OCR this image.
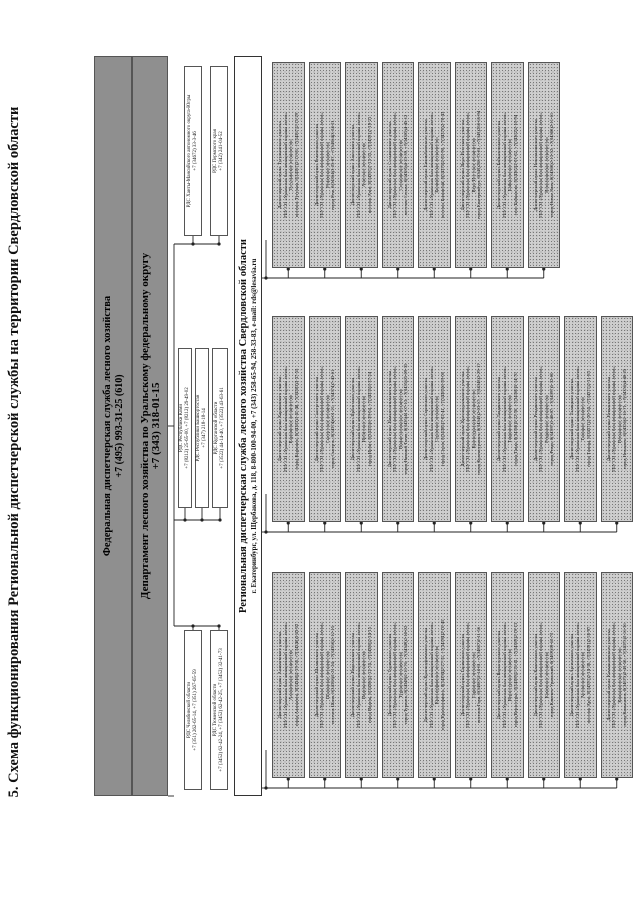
5. Схема функционирования Региональной диспетчерской службы на территории Свердловской области	Федеральная диспетчерская служба лесного хозяйства +7 (495) 993-31-25 (610) Департамент лесного хозяйства по Уральскому федеральному округу +7 (343) 318-01-15
РДС Челябинской области +7 (351) 262-65-14, +7 (351) 267-65-59	РДС Тюменской области +7 (3452) 62-42-24, +7 (3452) 62-42-25, +7 (3452) 32-41-73
РДС Республики Коми +7 (8212) 25-65-00, +7 (8212) 29-49-02 РДС Республики Башкортостан +7 (347) 218-18-14 РДС Курганской области +7 (3522) 44-14-40, +7 (3522) 43-63-61
РДС Ханты-Мансийского автономного округа-Югры +7 (34672) 33-3-46	РДС Пермского края +7 (342) 241-04-52
Региональная диспетчерская служба лесного хозяйства Свердловской области г. Екатеринбург, ул. Щербакова, д. 118, 8-800-100-94-00, +7 (343) 258-65-94, 258-33-83, e-mail: rds@lesavia.ru
Диспетчерский пункт Алапаевского участка ГБУ СО «Уральская база авиационной охраны лесов» Алапаевское лесничество город Алапаевск, 8(34346)2-19-58, +7(34346)3-43-02	Диспетчерский пункт Шалинского участка ГБУ СО «Уральская база авиационной охраны лесов» Шалинское лесничество поселок Шаля, 8(34358)2-21-24, +7(34358)2-12-15	Диспетчерский пункт Ивдельского участка ГБУ СО «Уральская база авиационной охраны лесов» Ивдельское лесничество город Ивдель, 8(34386)2-12-74, +7(34386)2-14-15	Диспетчерский пункт Туринского участка ГБУ СО «Уральская база авиационной охраны лесов» Туринское лесничество город Туринск, 8(34349)2-13-76, +7(34349)2-18-02	Диспетчерский пункт Красноуфимского участка ГБУ СО «Уральская база авиационной охраны лесов» Красноуфимское лесничество город Красноуфимск, 8(34394)2-27-31, +7(34394)2-10-45	Диспетчерский пункт Гаринского участка ГБУ СО «Уральская база авиационной охраны лесов» Гаринское лесничество поселок Гари, 8(34387)2-14-81, +7(34387)2-11-56	Диспетчерский пункт Верхотурского участка ГБУ СО «Уральская база авиационной охраны лесов» Верхотурское лесничество город Верхотурье, 8(34389)2-26-41, +7(34389)2-19-13	Диспетчерский пункт Каменского участка ГБУ СО «Уральская база авиационной охраны лесов» Каменское лесничество город Каменск-Уральский, 8(3439)39-62-72	Диспетчерский пункт Артинского участка ГБУ СО «Уральская база авиационной охраны лесов» Артинское лесничество поселок Арти, 8(34391)2-14-38, +7(34391)2-10-97	Диспетчерский пункт Камышловского участка ГБУ СО «Уральская база авиационной охраны лесов» Камышловское лесничество город Камышлов, 8(34375)2-43-58, +7(34375)2-16-36
Диспетчерский пункт Карпинского участка ГБУ СО «Уральская база авиационной охраны лесов» Карпинское лесничество город Карпинск, 8(34383)3-41-48, +7(34383)3-37-55	Диспетчерский пункт Сысертского участка ГБУ СО «Уральская база авиационной охраны лесов» Сысертское лесничество город Сысерть, 8(34374)6-01-21, +7(34374)7-43-61	Диспетчерский пункт Ирбитского участка ГБУ СО «Уральская база авиационной охраны лесов» Ирбитское лесничество город Ирбит, 8(34355)6-39-04, +7(34355)3-37-24	Диспетчерский пункт Нижнетагильского участка ГБУ СО «Уральская база авиационной охраны лесов» Нижнетагильское лесничество город Нижний Тагил, 8(3435)41-07-13, +7(3435)25-09-35	Диспетчерский пункт Серовского участка ГБУ СО «Уральская база авиационной охраны лесов» Серовское лесничество город Серов, 8(34385)7-02-41, +7(34385)6-59-06	Диспетчерский пункт Красноуральского участка ГБУ СО «Уральская база авиационной охраны лесов» Красноуральское лесничество город Красноуральск, 8(34343)2-03-17, +7(34343)2-29-17	Диспетчерский пункт Тавдинского участка ГБУ СО «Уральская база авиационной охраны лесов» Тавдинское лесничество город Тавда, 8(34360)5-22-50, +7(34360)5-14-70	Диспетчерский пункт Ревдинского участка ГБУ СО «Уральская база авиационной охраны лесов» Ревдинское лесничество город Ревда, 8(34397)3-48-87, +7(34397)5-32-00	Диспетчерский пункт Талицкого участка ГБУ СО «Уральская база авиационной охраны лесов» Талицкое лесничество город Талица, 8(34371)2-20-54, +7(34371)2-11-83	Диспетчерский пункт Невьянского участка ГБУ СО «Уральская база авиационной охраны лесов» Невьянское лесничество город Невьянск, 8(34356)2-16-71, +7(34356)4-48-25
Диспетчерский пункт Тугулымского участка ГБУ СО «Уральская база авиационной охраны лесов» Тугулымское лесничество поселок Тугулым, 8(34367)2-13-66, +7(34367)2-15-29	Диспетчерский пункт Режевского участка ГБУ СО «Уральская база авиационной охраны лесов» Режевское лесничество город Реж, 8(34364)3-25-87, +7(34364)3-24-21	Диспетчерский пункт Ачитского участка ГБУ СО «Уральская база авиационной охраны лесов» Ачитское лесничество поселок Ачит, 8(34391)7-13-33, +7(34391)7-19-21	Диспетчерский пункт Сосьвинского участка ГБУ СО «Уральская база авиационной охраны лесов» Сосьвинское лесничество поселок Сосьва, 8(34385)4-23-59, +7(34385)4-45-12	Диспетчерский пункт Билимбаевского участка ГБУ СО «Уральская база авиационной охраны лесов» Билимбаевское лесничество поселок Билимбай, 8(34370)2-83-96, +7(34370)2-78-43	Диспетчерский пункт Верх-Исетского участка ГБУ СО «Уральская база авиационной охраны лесов» Верх-Исетское лесничество город Екатеринбург, 8(343)258-73-81, +7(343)258-65-94	Диспетчерский пункт Байкаловского участка ГБУ СО «Уральская база авиационной охраны лесов» Байкаловское лесничество село Байкалово, 8(34362)2-01-62, +7(34362)2-10-94	Диспетчерский пункт Новолялинского участка ГБУ СО «Уральская база авиационной охраны лесов» Новолялинское лесничество город Новая Ляля, 8(34388)2-13-52, +7(34388)2-11-61
